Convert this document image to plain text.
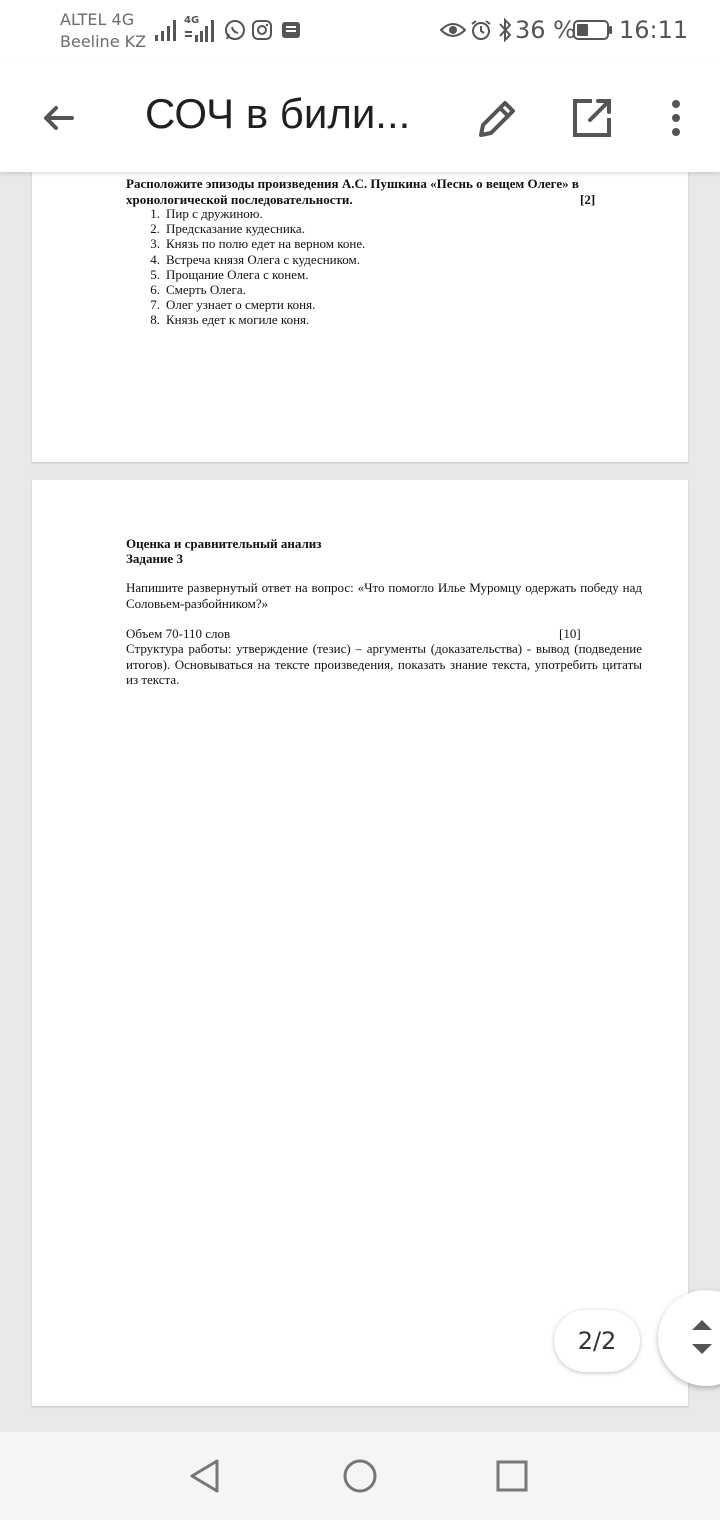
ALTEL 4G
Beeline KZ
4G	36 % 16:11
СОЧ в били...
Расположите эпизоды произведения А.С. Пушкина «Песнь о вещем Олеге» в хронологической последовательности.	[2]
1. Пир с дружиною.
2. Предсказание кудесника.
3. Князь по полю едет на верном коне.
4. Встреча князя Олега с кудесником.
5. Прощание Олега с конем.
6. Смерть Олега.
7. Олег узнает о смерти коня.
8. Князь едет к могиле коня.
Оценка и сравнительный анализ
Задание 3
Напишите развернутый ответ на вопрос: «Что помогло Илье Муромцу одержать победу над Соловьем-разбойником?»
Объем 70-110 слов	[10]
Структура работы: утверждение (тезис) – аргументы (доказательства) - вывод (подведение итогов). Основываться на тексте произведения, показать знание текста, употребить цитаты из текста.
2/2
